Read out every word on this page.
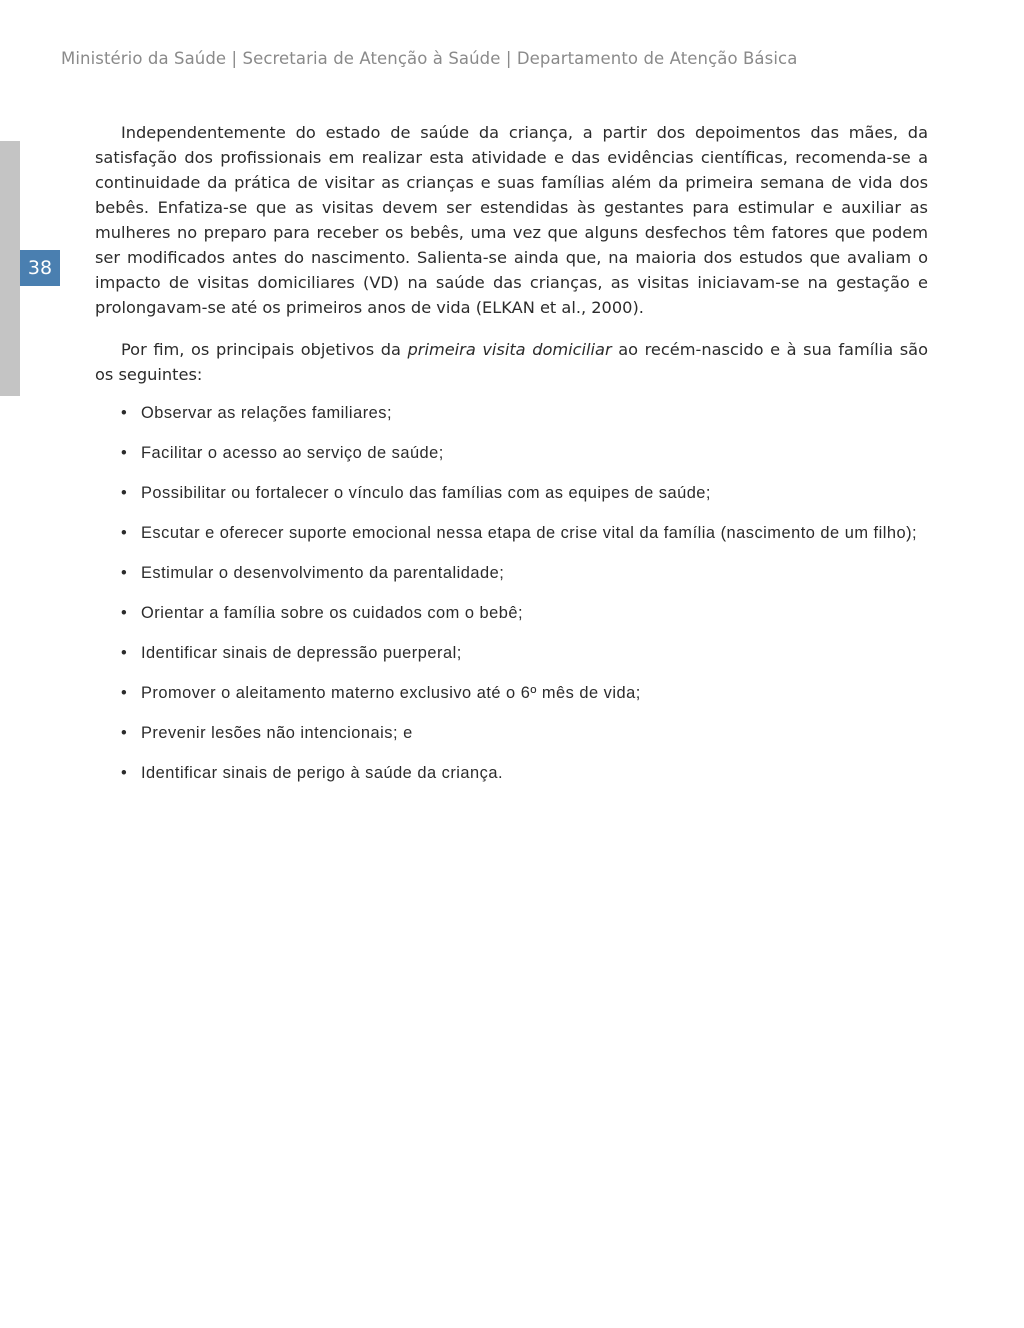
Ministério da Saúde | Secretaria de Atenção à Saúde | Departamento de Atenção Básica
38

Independentemente do estado de saúde da criança, a partir dos depoimentos das mães, da satisfação dos profissionais em realizar esta atividade e das evidências científicas, recomenda-se a continuidade da prática de visitar as crianças e suas famílias além da primeira semana de vida dos bebês. Enfatiza-se que as visitas devem ser estendidas às gestantes para estimular e auxiliar as mulheres no preparo para receber os bebês, uma vez que alguns desfechos têm fatores que podem ser modificados antes do nascimento. Salienta-se ainda que, na maioria dos estudos que avaliam o impacto de visitas domiciliares (VD) na saúde das crianças, as visitas iniciavam-se na gestação e prolongavam-se até os primeiros anos de vida (ELKAN et al., 2000).

Por fim, os principais objetivos da primeira visita domiciliar ao recém-nascido e à sua família são os seguintes:

• Observar as relações familiares;
• Facilitar o acesso ao serviço de saúde;
• Possibilitar ou fortalecer o vínculo das famílias com as equipes de saúde;
• Escutar e oferecer suporte emocional nessa etapa de crise vital da família (nascimento de um filho);
• Estimular o desenvolvimento da parentalidade;
• Orientar a família sobre os cuidados com o bebê;
• Identificar sinais de depressão puerperal;
• Promover o aleitamento materno exclusivo até o 6º mês de vida;
• Prevenir lesões não intencionais; e
• Identificar sinais de perigo à saúde da criança.
